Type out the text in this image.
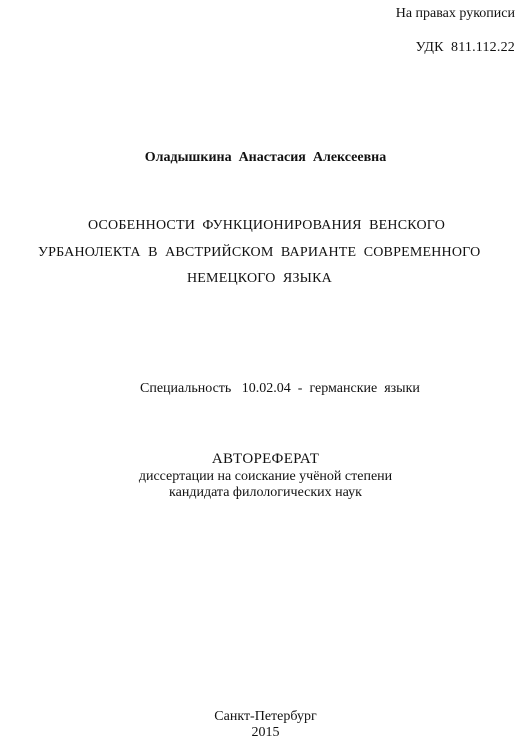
На правах рукописи
УДК  811.112.22
Оладышкина  Анастасия  Алексеевна
ОСОБЕННОСТИ  ФУНКЦИОНИРОВАНИЯ  ВЕНСКОГО
УРБАНОЛЕКТА  В  АВСТРИЙСКОМ  ВАРИАНТЕ  СОВРЕМЕННОГО
НЕМЕЦКОГО  ЯЗЫКА
Специальность   10.02.04  -  германские  языки
АВТОРЕФЕРАТ
диссертации на соискание учёной степени
кандидата филологических наук
Санкт-Петербург
2015
